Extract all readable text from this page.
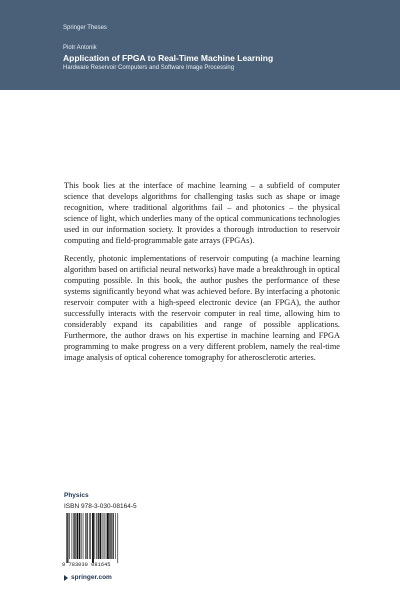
Springer Theses
Piotr Antonik
Application of FPGA to Real-Time Machine Learning
Hardware Reservoir Computers and Software Image Processing

This book lies at the interface of machine learning – a subfield of computer science that develops algorithms for challenging tasks such as shape or image recognition, where traditional algorithms fail – and photonics – the physical science of light, which underlies many of the optical communications technologies used in our information society. It provides a thorough introduction to reservoir computing and field-programmable gate arrays (FPGAs).

Recently, photonic implementations of reservoir computing (a machine learning algorithm based on artificial neural networks) have made a breakthrough in optical computing possible. In this book, the author pushes the performance of these systems significantly beyond what was achieved before. By interfacing a photonic reservoir computer with a high-speed electronic device (an FPGA), the author successfully interacts with the reservoir computer in real time, allowing him to considerably expand its capabilities and range of possible applications. Furthermore, the author draws on his expertise in machine learning and FPGA programming to make progress on a very different problem, namely the real-time image analysis of optical coherence tomography for atherosclerotic arteries.

Physics
ISBN 978-3-030-08164-5
9 783030 081645
springer.com
